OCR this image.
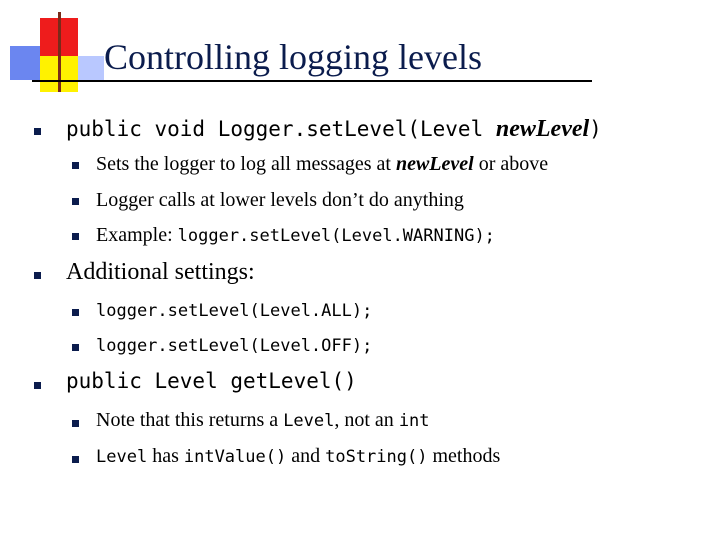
Controlling logging levels
public void Logger.setLevel(Level newLevel)
Sets the logger to log all messages at newLevel or above
Logger calls at lower levels don’t do anything
Example: logger.setLevel(Level.WARNING);
Additional settings:
logger.setLevel(Level.ALL);
logger.setLevel(Level.OFF);
public Level getLevel()
Note that this returns a Level, not an int
Level has intValue() and toString() methods
